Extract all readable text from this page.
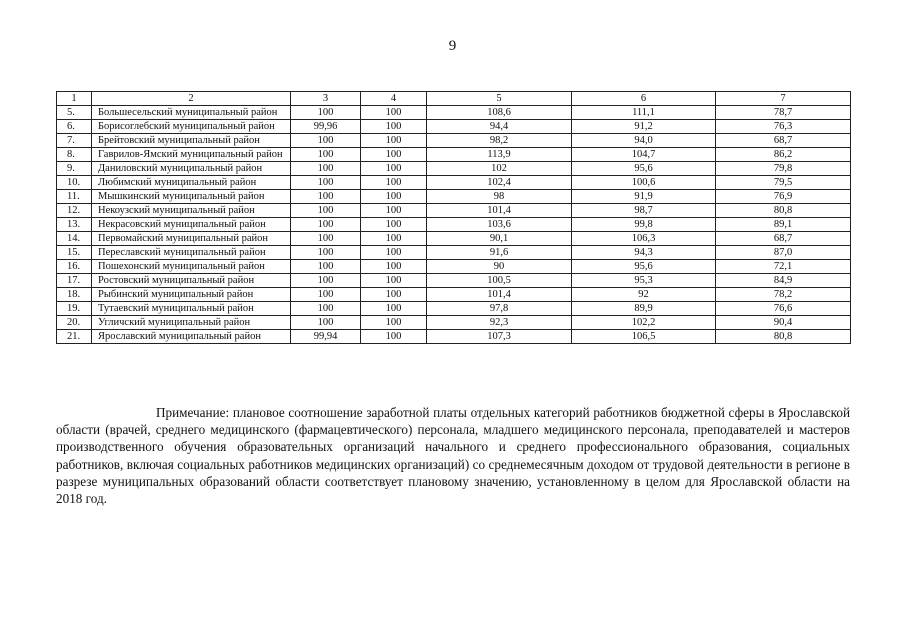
9
1	2	3	4	5	6	7
5.	Большесельский муниципальный район	100	100	108,6	111,1	78,7
6.	Борисоглебский муниципальный район	99,96	100	94,4	91,2	76,3
7.	Брейтовский муниципальный район	100	100	98,2	94,0	68,7
8.	Гаврилов-Ямский муниципальный район	100	100	113,9	104,7	86,2
9.	Даниловский муниципальный район	100	100	102	95,6	79,8
10.	Любимский муниципальный район	100	100	102,4	100,6	79,5
11.	Мышкинский муниципальный район	100	100	98	91,9	76,9
12.	Некоузский муниципальный район	100	100	101,4	98,7	80,8
13.	Некрасовский муниципальный район	100	100	103,6	99,8	89,1
14.	Первомайский муниципальный район	100	100	90,1	106,3	68,7
15.	Переславский муниципальный район	100	100	91,6	94,3	87,0
16.	Пошехонский муниципальный район	100	100	90	95,6	72,1
17.	Ростовский муниципальный район	100	100	100,5	95,3	84,9
18.	Рыбинский муниципальный район	100	100	101,4	92	78,2
19.	Тутаевский муниципальный район	100	100	97,8	89,9	76,6
20.	Угличский муниципальный район	100	100	92,3	102,2	90,4
21.	Ярославский муниципальный район	99,94	100	107,3	106,5	80,8

Примечание: плановое соотношение заработной платы отдельных категорий работников бюджетной сферы в Ярославской области (врачей, среднего медицинского (фармацевтического) персонала, младшего медицинского персонала, преподавателей и мастеров производственного обучения образовательных организаций начального и среднего профессионального образования, социальных работников, включая социальных работников медицинских организаций) со среднемесячным доходом от трудовой деятельности в регионе в разрезе муниципальных образований области соответствует плановому значению, установленному в целом для Ярославской области на 2018 год.
